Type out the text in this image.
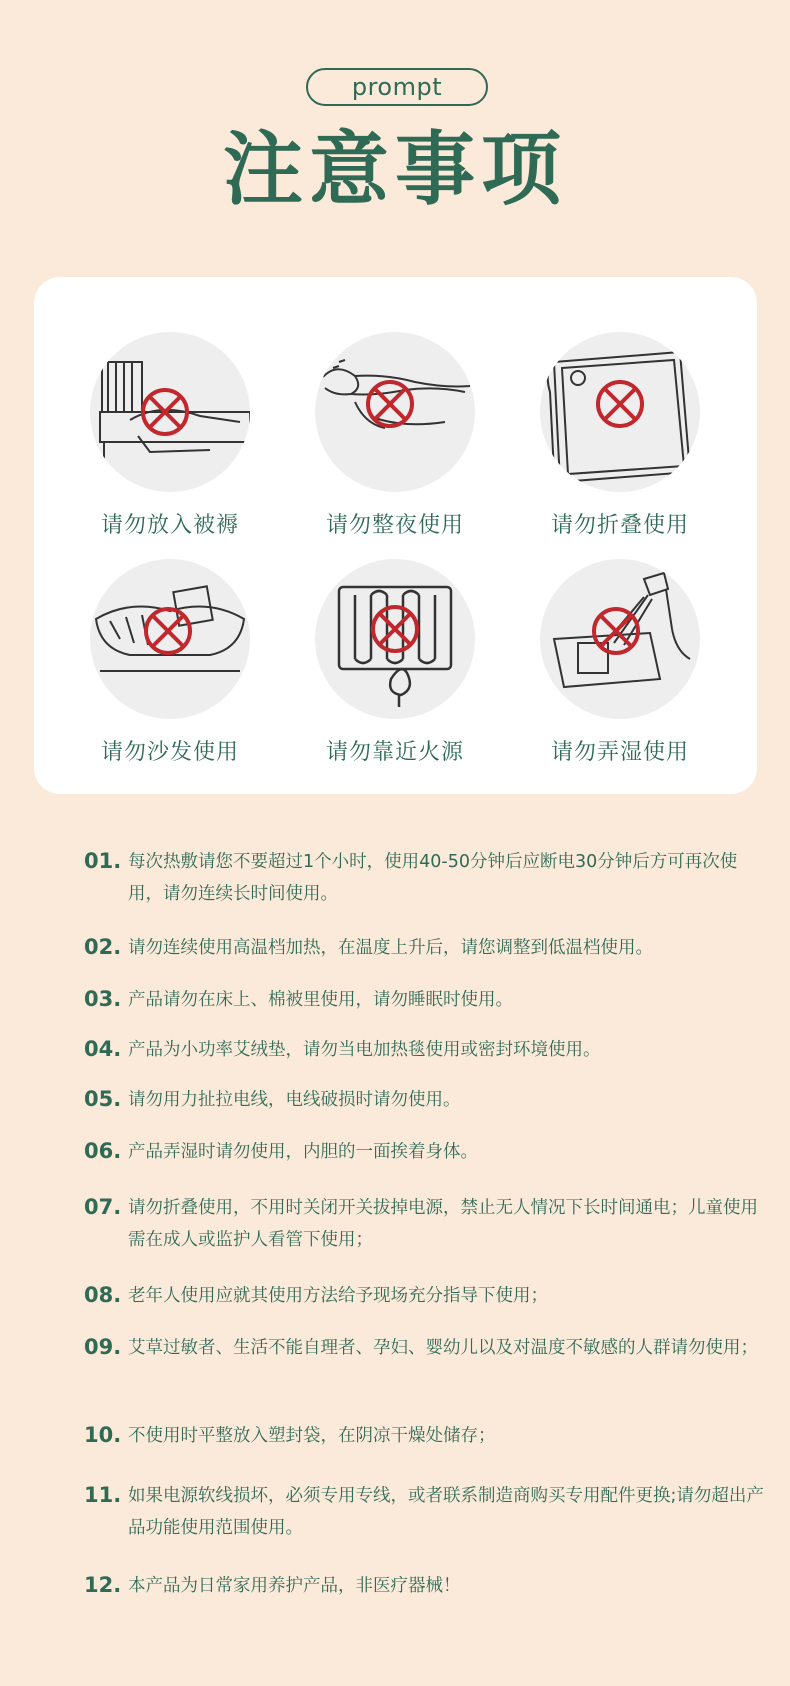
prompt
注意事项
请勿放入被褥	请勿整夜使用	请勿折叠使用
请勿沙发使用	请勿靠近火源	请勿弄湿使用
01. 每次热敷请您不要超过1个小时，使用40-50分钟后应断电30分钟后方可再次使用，请勿连续长时间使用。
02. 请勿连续使用高温档加热，在温度上升后，请您调整到低温档使用。
03. 产品请勿在床上、棉被里使用，请勿睡眠时使用。
04. 产品为小功率艾绒垫，请勿当电加热毯使用或密封环境使用。
05. 请勿用力扯拉电线，电线破损时请勿使用。
06. 产品弄湿时请勿使用，内胆的一面挨着身体。
07. 请勿折叠使用，不用时关闭开关拔掉电源，禁止无人情况下长时间通电；儿童使用需在成人或监护人看管下使用；
08. 老年人使用应就其使用方法给予现场充分指导下使用；
09. 艾草过敏者、生活不能自理者、孕妇、婴幼儿以及对温度不敏感的人群请勿使用；
10. 不使用时平整放入塑封袋，在阴凉干燥处储存；
11. 如果电源软线损坏，必须专用专线，或者联系制造商购买专用配件更换;请勿超出产品功能使用范围使用。
12. 本产品为日常家用养护产品，非医疗器械！
